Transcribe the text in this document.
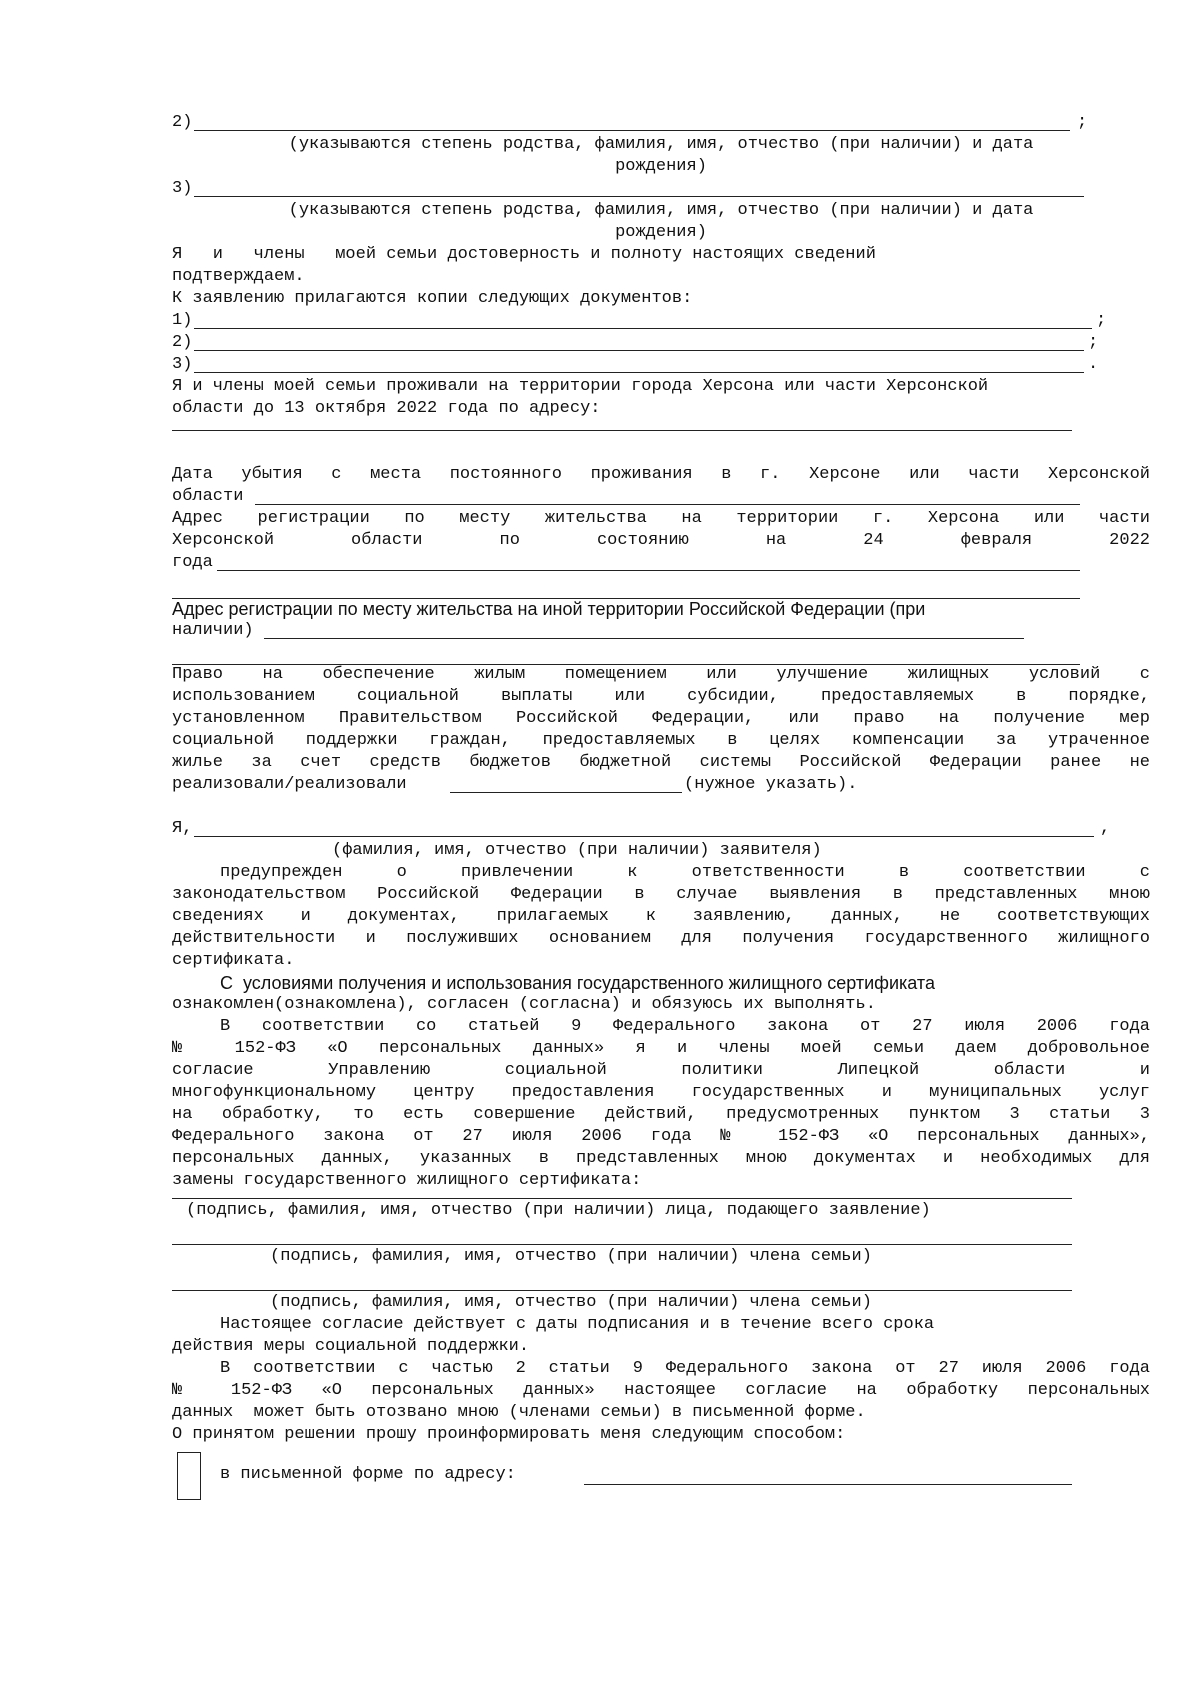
2)	;
(указываются степень родства, фамилия, имя, отчество (при наличии) и дата
рождения)
3)
(указываются степень родства, фамилия, имя, отчество (при наличии) и дата
рождения)
Я   и   члены   моей семьи достоверность и полноту настоящих сведений
подтверждаем.
К заявлению прилагаются копии следующих документов:
1)	;
2)	;
3)	.
Я и члены моей семьи проживали на территории города Херсона или части Херсонской
области до 13 октября 2022 года по адресу:
Дата убытия с места постоянного проживания в г. Херсоне или части Херсонской
области
Адрес регистрации по месту жительства на территории г. Херсона или части
Херсонской области по состоянию на 24 февраля 2022
года
Адрес регистрации по месту жительства на иной территории Российской Федерации (при
наличии)
Право на обеспечение жилым помещением или улучшение жилищных условий с
использованием социальной выплаты или субсидии, предоставляемых в порядке,
установленном Правительством Российской Федерации, или право на получение мер
социальной поддержки граждан, предоставляемых в целях компенсации за утраченное
жилье за счет средств бюджетов бюджетной системы Российской Федерации ранее не
реализовали/реализовали	(нужное указать).
Я,	,
(фамилия, имя, отчество (при наличии) заявителя)
предупрежден о привлечении к ответственности в соответствии с
законодательством Российской Федерации в случае выявления в представленных мною
сведениях и документах, прилагаемых к заявлению, данных, не соответствующих
действительности и послуживших основанием для получения государственного жилищного
сертификата.
С  условиями получения и использования государственного жилищного сертификата
ознакомлен(ознакомлена), согласен (согласна) и обязуюсь их выполнять.
В соответствии со статьей 9 Федерального закона от 27 июля 2006 года
№ 152-ФЗ «О персональных данных» я и члены моей семьи даем добровольное
согласие Управлению социальной политики Липецкой области и
многофункциональному центру предоставления государственных и муниципальных услуг
на обработку, то есть совершение действий, предусмотренных пунктом 3 статьи 3
Федерального закона от 27 июля 2006 года № 152-ФЗ «О персональных данных»,
персональных данных, указанных в представленных мною документах и необходимых для
замены государственного жилищного сертификата:
(подпись, фамилия, имя, отчество (при наличии) лица, подающего заявление)
(подпись, фамилия, имя, отчество (при наличии) члена семьи)
(подпись, фамилия, имя, отчество (при наличии) члена семьи)
Настоящее согласие действует с даты подписания и в течение всего срока
действия меры социальной поддержки.
В соответствии с частью 2 статьи 9 Федерального закона от 27 июля 2006 года
№ 152-ФЗ «О персональных данных» настоящее согласие на обработку персональных
данных  может быть отозвано мною (членами семьи) в письменной форме.
О принятом решении прошу проинформировать меня следующим способом:
в письменной форме по адресу:
